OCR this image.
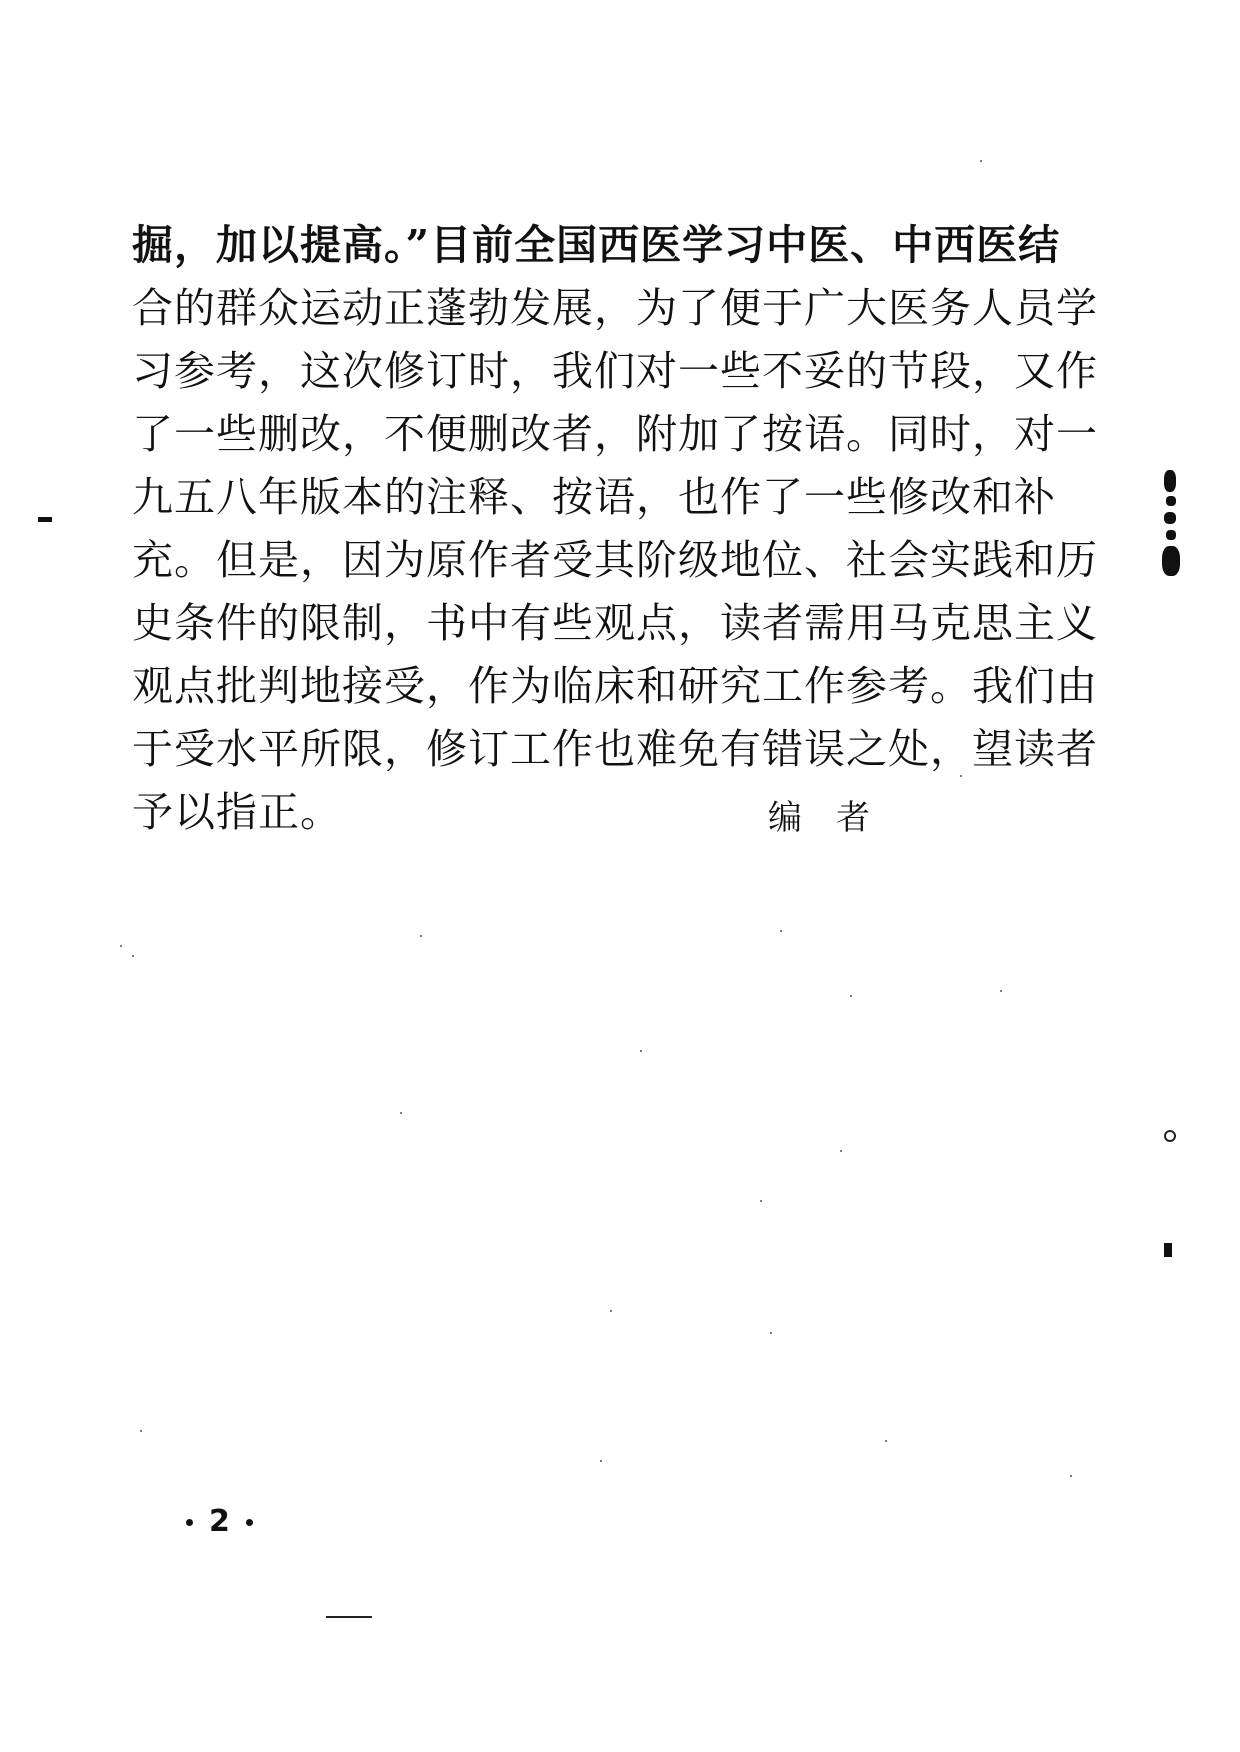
掘，加以提高。”目前全国西医学习中医、中西医结
合的群众运动正蓬勃发展，为了便于广大医务人员学
习参考，这次修订时，我们对一些不妥的节段，又作
了一些删改，不便删改者，附加了按语。同时，对一
九五八年版本的注释、按语，也作了一些修改和补
充。但是，因为原作者受其阶级地位、社会实践和历
史条件的限制，书中有些观点，读者需用马克思主义
观点批判地接受，作为临床和研究工作参考。我们由
于受水平所限，修订工作也难免有错误之处，望读者
予以指正。	编者
2
